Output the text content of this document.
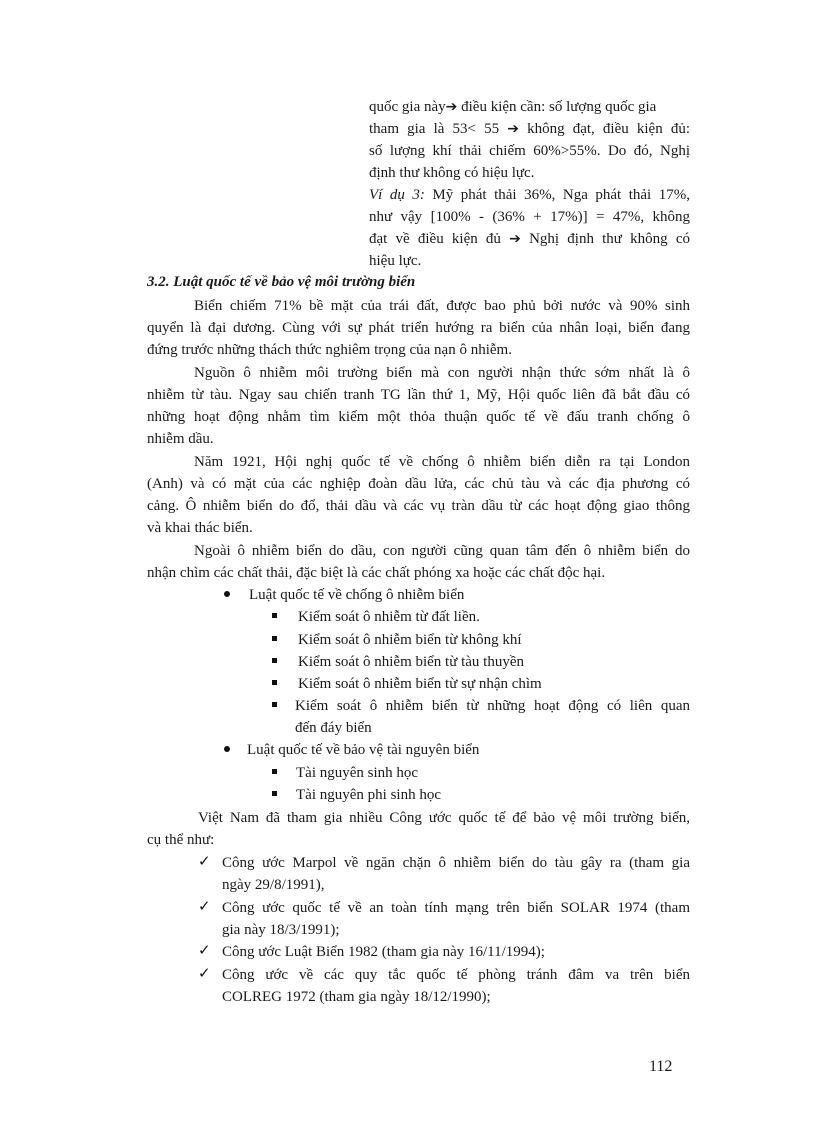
quốc gia này➔ điều kiện cần: số lượng quốc gia
tham gia là 53< 55 ➔ không đạt, điều kiện đủ:
số lượng khí thải chiếm 60%>55%. Do đó, Nghị
định thư không có hiệu lực.
Ví dụ 3: Mỹ phát thải 36%, Nga phát thải 17%,
như vậy [100% - (36% + 17%)] = 47%, không
đạt về điều kiện đủ ➔ Nghị định thư không có
hiệu lực.
3.2. Luật quốc tế về bảo vệ môi trường biển
Biển chiếm 71% bề mặt của trái đất, được bao phủ bởi nước và 90% sinh
quyển là đại dương. Cùng với sự phát triển hướng ra biển của nhân loại, biển đang
đứng trước những thách thức nghiêm trọng của nạn ô nhiễm.
Nguồn ô nhiễm môi trường biển mà con người nhận thức sớm nhất là ô
nhiễm từ tàu. Ngay sau chiến tranh TG lần thứ 1, Mỹ, Hội quốc liên đã bắt đầu có
những hoạt động nhằm tìm kiếm một thỏa thuận quốc tế về đấu tranh chống ô
nhiễm dầu.
Năm 1921, Hội nghị quốc tế về chống ô nhiễm biển diễn ra tại London
(Anh) và có mặt của các nghiệp đoàn dầu lửa, các chủ tàu và các địa phương có
cảng. Ô nhiễm biển do đổ, thải dầu và các vụ tràn dầu từ các hoạt động giao thông
và khai thác biển.
Ngoài ô nhiễm biển do dầu, con người cũng quan tâm đến ô nhiễm biển do
nhận chìm các chất thải, đặc biệt là các chất phóng xa hoặc các chất độc hại.
Luật quốc tế về chống ô nhiễm biển
Kiểm soát ô nhiễm từ đất liền.
Kiểm soát ô nhiễm biển từ không khí
Kiểm soát ô nhiễm biển từ tàu thuyền
Kiểm soát ô nhiễm biển từ sự nhận chìm
Kiểm soát ô nhiễm biển từ những hoạt động có liên quan
đến đáy biển
Luật quốc tế về bảo vệ tài nguyên biển
Tài nguyên sinh học
Tài nguyên phi sinh học
Việt Nam đã tham gia nhiều Công ước quốc tế để bảo vệ môi trường biển,
cụ thể như:
✓ Công ước Marpol về ngăn chặn ô nhiễm biển do tàu gây ra (tham gia
ngày 29/8/1991),
✓ Công ước quốc tế về an toàn tính mạng trên biển SOLAR 1974 (tham
gia này 18/3/1991);
✓ Công ước Luật Biển 1982 (tham gia này 16/11/1994);
✓ Công ước về các quy tắc quốc tế phòng tránh đâm va trên biển
COLREG 1972 (tham gia ngày 18/12/1990);
112
